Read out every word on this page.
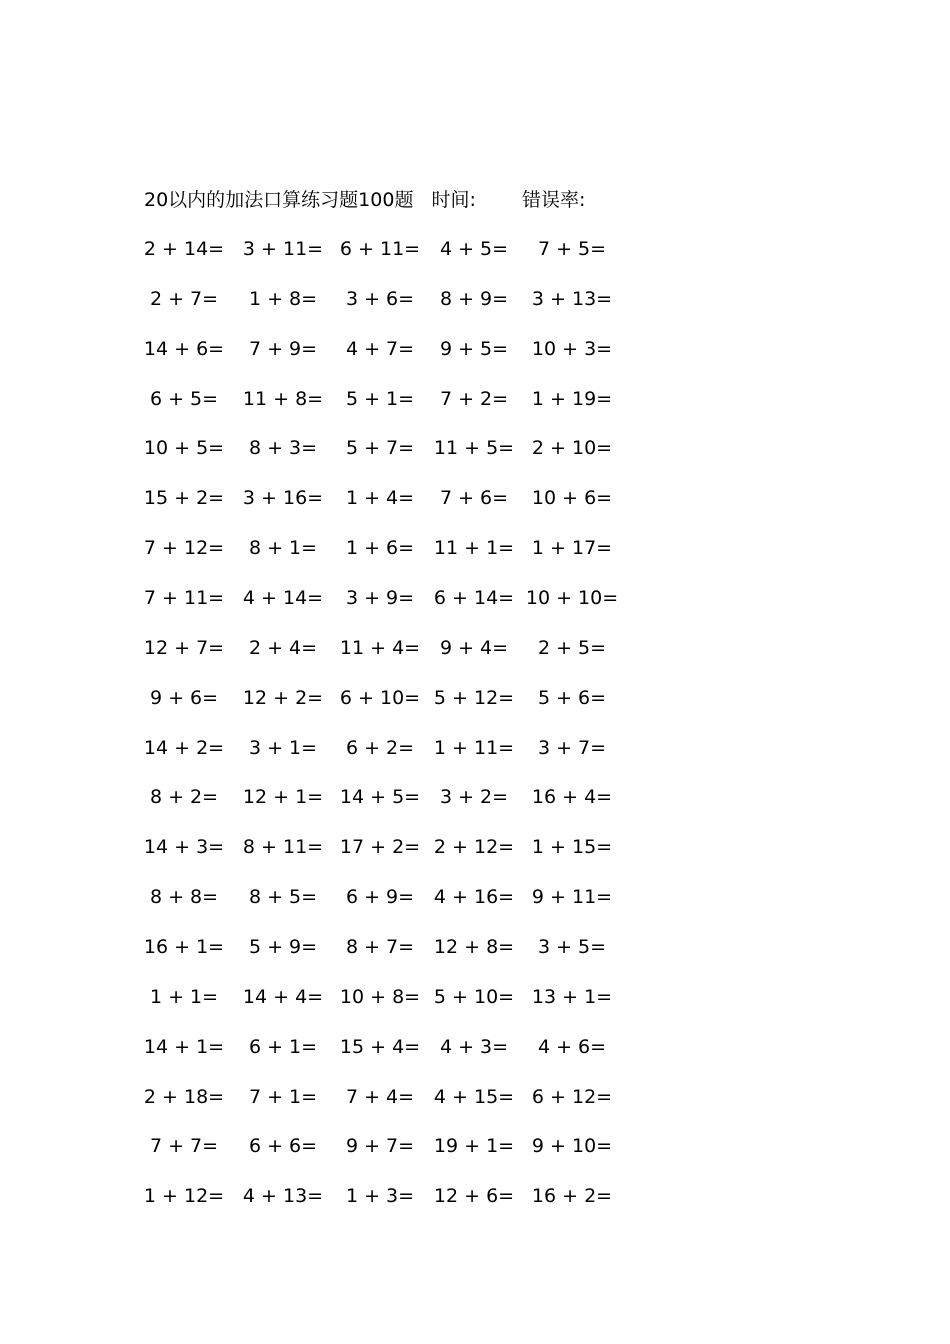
20以内的加法口算练习题100题 时间: 错误率:
2 + 14= 3 + 11= 6 + 11= 4 + 5= 7 + 5=
2 + 7= 1 + 8= 3 + 6= 8 + 9= 3 + 13=
14 + 6= 7 + 9= 4 + 7= 9 + 5= 10 + 3=
6 + 5= 11 + 8= 5 + 1= 7 + 2= 1 + 19=
10 + 5= 8 + 3= 5 + 7= 11 + 5= 2 + 10=
15 + 2= 3 + 16= 1 + 4= 7 + 6= 10 + 6=
7 + 12= 8 + 1= 1 + 6= 11 + 1= 1 + 17=
7 + 11= 4 + 14= 3 + 9= 6 + 14= 10 + 10=
12 + 7= 2 + 4= 11 + 4= 9 + 4= 2 + 5=
9 + 6= 12 + 2= 6 + 10= 5 + 12= 5 + 6=
14 + 2= 3 + 1= 6 + 2= 1 + 11= 3 + 7=
8 + 2= 12 + 1= 14 + 5= 3 + 2= 16 + 4=
14 + 3= 8 + 11= 17 + 2= 2 + 12= 1 + 15=
8 + 8= 8 + 5= 6 + 9= 4 + 16= 9 + 11=
16 + 1= 5 + 9= 8 + 7= 12 + 8= 3 + 5=
1 + 1= 14 + 4= 10 + 8= 5 + 10= 13 + 1=
14 + 1= 6 + 1= 15 + 4= 4 + 3= 4 + 6=
2 + 18= 7 + 1= 7 + 4= 4 + 15= 6 + 12=
7 + 7= 6 + 6= 9 + 7= 19 + 1= 9 + 10=
1 + 12= 4 + 13= 1 + 3= 12 + 6= 16 + 2=
